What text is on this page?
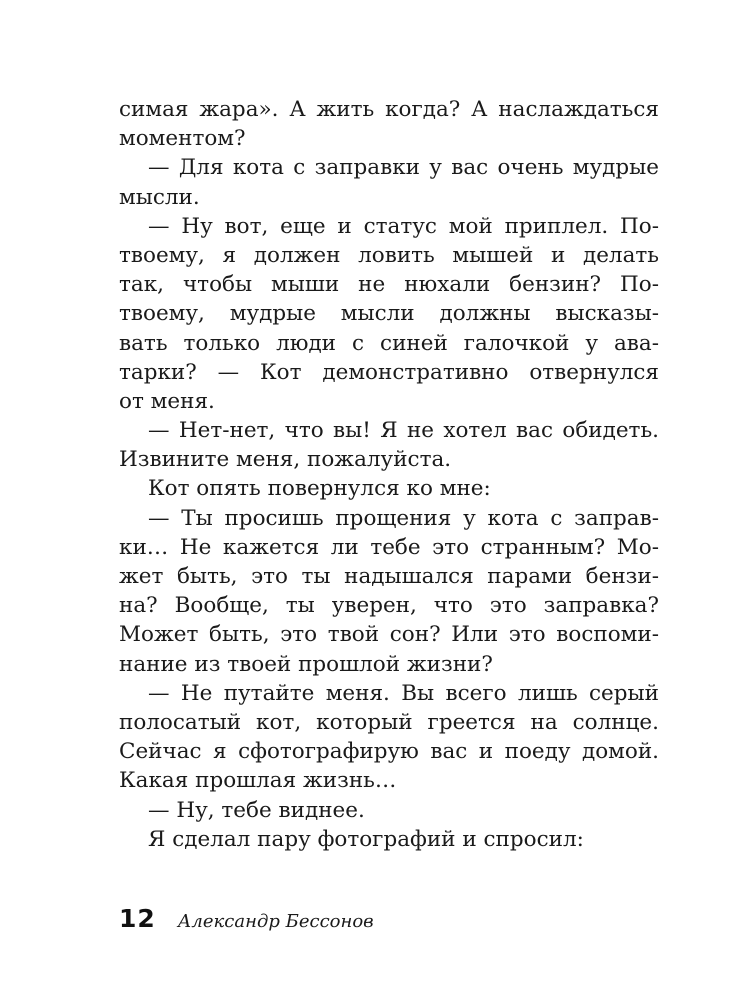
симая жара». А жить когда? А наслаждаться
моментом?
— Для кота с заправки у вас очень мудрые
мысли.
— Ну вот, еще и статус мой приплел. По-
твоему, я должен ловить мышей и делать
так, чтобы мыши не нюхали бензин? По-
твоему, мудрые мысли должны высказы-
вать только люди с синей галочкой у ава-
тарки? — Кот демонстративно отвернулся
от меня.
— Нет-нет, что вы! Я не хотел вас обидеть.
Извините меня, пожалуйста.
Кот опять повернулся ко мне:
— Ты просишь прощения у кота с заправ-
ки… Не кажется ли тебе это странным? Мо-
жет быть, это ты надышался парами бензи-
на? Вообще, ты уверен, что это заправка?
Может быть, это твой сон? Или это воспоми-
нание из твоей прошлой жизни?
— Не путайте меня. Вы всего лишь серый
полосатый кот, который греется на солнце.
Сейчас я сфотографирую вас и поеду домой.
Какая прошлая жизнь…
— Ну, тебе виднее.
Я сделал пару фотографий и спросил:
12 Александр Бессонов
